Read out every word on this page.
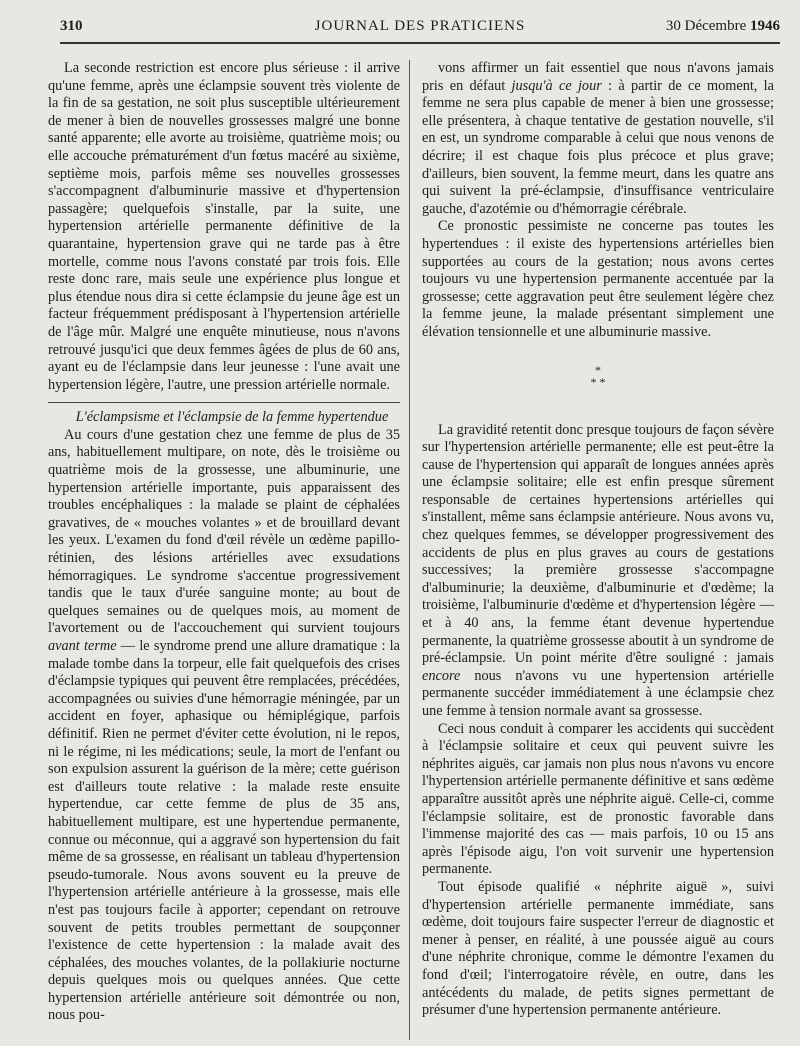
310	JOURNAL DES PRATICIENS	30 Décembre 1946

La seconde restriction est encore plus sérieuse : il arrive qu'une femme, après une éclampsie souvent très violente de la fin de sa gestation, ne soit plus susceptible ultérieurement de mener à bien de nouvelles grossesses malgré une bonne santé apparente; elle avorte au troisième, quatrième mois; ou elle accouche prématurément d'un fœtus macéré au sixième, septième mois, parfois même ses nouvelles grossesses s'accompagnent d'albuminurie massive et d'hypertension passagère; quelquefois s'installe, par la suite, une hypertension artérielle permanente définitive de la quarantaine, hypertension grave qui ne tarde pas à être mortelle, comme nous l'avons constaté par trois fois. Elle reste donc rare, mais seule une expérience plus longue et plus étendue nous dira si cette éclampsie du jeune âge est un facteur fréquemment prédisposant à l'hypertension artérielle de l'âge mûr. Malgré une enquête minutieuse, nous n'avons retrouvé jusqu'ici que deux femmes âgées de plus de 60 ans, ayant eu de l'éclampsie dans leur jeunesse : l'une avait une hypertension légère, l'autre, une pression artérielle normale.

L'éclampsisme et l'éclampsie de la femme hypertendue

Au cours d'une gestation chez une femme de plus de 35 ans, habituellement multipare, on note, dès le troisième ou quatrième mois de la grossesse, une albuminurie, une hypertension artérielle importante, puis apparaissent des troubles encéphaliques : la malade se plaint de céphalées gravatives, de « mouches volantes » et de brouillard devant les yeux. L'examen du fond d'œil révèle un œdème papillo-rétinien, des lésions artérielles avec exsudations hémorragiques. Le syndrome s'accentue progressivement tandis que le taux d'urée sanguine monte; au bout de quelques semaines ou de quelques mois, au moment de l'avortement ou de l'accouchement qui survient toujours avant terme — le syndrome prend une allure dramatique : la malade tombe dans la torpeur, elle fait quelquefois des crises d'éclampsie typiques qui peuvent être remplacées, précédées, accompagnées ou suivies d'une hémorragie méningée, par un accident en foyer, aphasique ou hémiplégique, parfois définitif. Rien ne permet d'éviter cette évolution, ni le repos, ni le régime, ni les médications; seule, la mort de l'enfant ou son expulsion assurent la guérison de la mère; cette guérison est d'ailleurs toute relative : la malade reste ensuite hypertendue, car cette femme de plus de 35 ans, habituellement multipare, est une hypertendue permanente, connue ou méconnue, qui a aggravé son hypertension du fait même de sa grossesse, en réalisant un tableau d'hypertension pseudo-tumorale. Nous avons souvent eu la preuve de l'hypertension artérielle antérieure à la grossesse, mais elle n'est pas toujours facile à apporter; cependant on retrouve souvent de petits troubles permettant de soupçonner l'existence de cette hypertension : la malade avait des céphalées, des mouches volantes, de la pollakiurie nocturne depuis quelques mois ou quelques années. Que cette hypertension artérielle antérieure soit démontrée ou non, nous pou-

vons affirmer un fait essentiel que nous n'avons jamais pris en défaut jusqu'à ce jour : à partir de ce moment, la femme ne sera plus capable de mener à bien une grossesse; elle présentera, à chaque tentative de gestation nouvelle, s'il en est, un syndrome comparable à celui que nous venons de décrire; il est chaque fois plus précoce et plus grave; d'ailleurs, bien souvent, la femme meurt, dans les quatre ans qui suivent la pré-éclampsie, d'insuffisance ventriculaire gauche, d'azotémie ou d'hémorragie cérébrale.

Ce pronostic pessimiste ne concerne pas toutes les hypertendues : il existe des hypertensions artérielles bien supportées au cours de la gestation; nous avons certes toujours vu une hypertension permanente accentuée par la grossesse; cette aggravation peut être seulement légère chez la femme jeune, la malade présentant simplement une élévation tensionnelle et une albuminurie massive.

*
* *

La gravidité retentit donc presque toujours de façon sévère sur l'hypertension artérielle permanente; elle est peut-être la cause de l'hypertension qui apparaît de longues années après une éclampsie solitaire; elle est enfin presque sûrement responsable de certaines hypertensions artérielles qui s'installent, même sans éclampsie antérieure. Nous avons vu, chez quelques femmes, se développer progressivement des accidents de plus en plus graves au cours de gestations successives; la première grossesse s'accompagne d'albuminurie; la deuxième, d'albuminurie et d'œdème; la troisième, l'albuminurie d'œdème et d'hypertension légère — et à 40 ans, la femme étant devenue hypertendue permanente, la quatrième grossesse aboutit à un syndrome de pré-éclampsie. Un point mérite d'être souligné : jamais encore nous n'avons vu une hypertension artérielle permanente succéder immédiatement à une éclampsie chez une femme à tension normale avant sa grossesse.

Ceci nous conduit à comparer les accidents qui succèdent à l'éclampsie solitaire et ceux qui peuvent suivre les néphrites aiguës, car jamais non plus nous n'avons vu encore l'hypertension artérielle permanente définitive et sans œdème apparaître aussitôt après une néphrite aiguë. Celle-ci, comme l'éclampsie solitaire, est de pronostic favorable dans l'immense majorité des cas — mais parfois, 10 ou 15 ans après l'épisode aigu, l'on voit survenir une hypertension permanente.

Tout épisode qualifié « néphrite aiguë », suivi d'hypertension artérielle permanente immédiate, sans œdème, doit toujours faire suspecter l'erreur de diagnostic et mener à penser, en réalité, à une poussée aiguë au cours d'une néphrite chronique, comme le démontre l'examen du fond d'œil; l'interrogatoire révèle, en outre, dans les antécédents du malade, de petits signes permettant de présumer d'une hypertension permanente antérieure.
